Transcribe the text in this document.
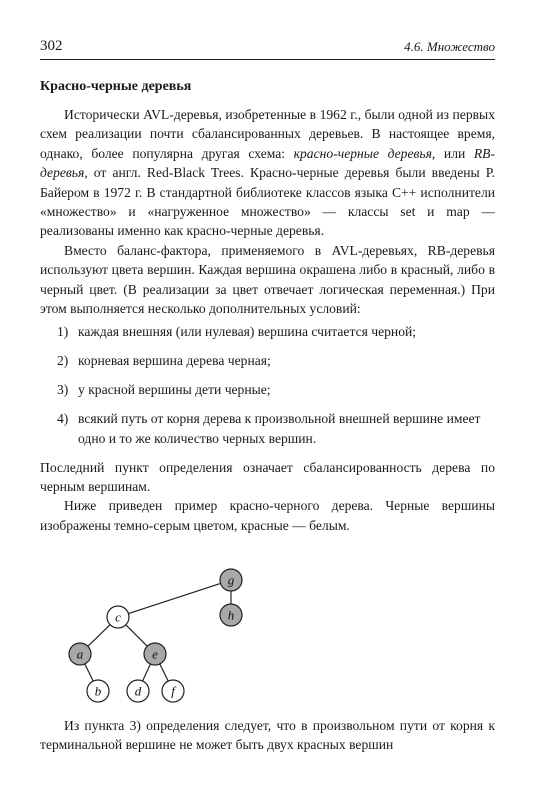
302	4.6. Множество
Красно-черные деревья

Исторически AVL-деревья, изобретенные в 1962 г., были одной из первых схем реализации почти сбалансированных деревьев. В настоящее время, однако, более популярна другая схема: красно-черные деревья, или RB-деревья, от англ. Red-Black Trees. Красно-черные деревья были введены Р. Байером в 1972 г. В стандартной библиотеке классов языка C++ исполнители «множество» и «нагруженное множество» — классы set и map — реализованы именно как красно-черные деревья.

Вместо баланс-фактора, применяемого в AVL-деревьях, RB-деревья используют цвета вершин. Каждая вершина окрашена либо в красный, либо в черный цвет. (В реализации за цвет отвечает логическая переменная.) При этом выполняется несколько дополнительных условий:

1) каждая внешняя (или нулевая) вершина считается черной;
2) корневая вершина дерева черная;
3) у красной вершины дети черные;
4) всякий путь от корня дерева к произвольной внешней вершине имеет одно и то же количество черных вершин.

Последний пункт определения означает сбалансированность дерева по черным вершинам.

Ниже приведен пример красно-черного дерева. Черные вершины изображены темно-серым цветом, красные — белым.

g
c	h
a	e
b	d f

Из пункта 3) определения следует, что в произвольном пути от корня к терминальной вершине не может быть двух красных вершин
